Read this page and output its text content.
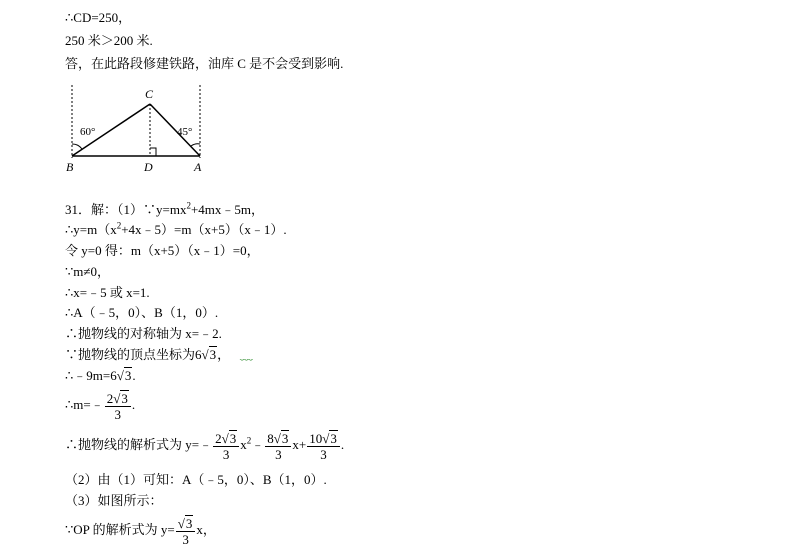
∴CD=250，
250 米＞200 米.
答，在此路段修建铁路，油库 C 是不会受到影响.
C
B	D	A
60°	45°
31．解：$(1)\because y=mx^2+4mx﹣5m$，
$\therefore y=m(x^2+4x﹣5)=m(x+5)(x﹣1)$.
令 y=0 得：m（x+5）（x﹣1）=0，
∵m≠0，
∴x=﹣5 或 x=1.
∴A（﹣5，0）、B（1，0）.
∴抛物线的对称轴为 x=﹣2.
∵抛物线的顶点坐标为6√3， ﹏
∴﹣9m=6√3.
∴m=﹣ $\frac{2√3}{3}$ .
∴抛物线的解析式为 y=﹣ $\frac{2√3}{3}$ $x^2﹣ \frac{8√3}{3} x+ \frac{10√3}{3}$ .
（2）由（1）可知：A（﹣5，0）、B（1，0）.
（3）如图所示：
∵OP 的解析式为 $y= \frac{√3}{3}$ x，
